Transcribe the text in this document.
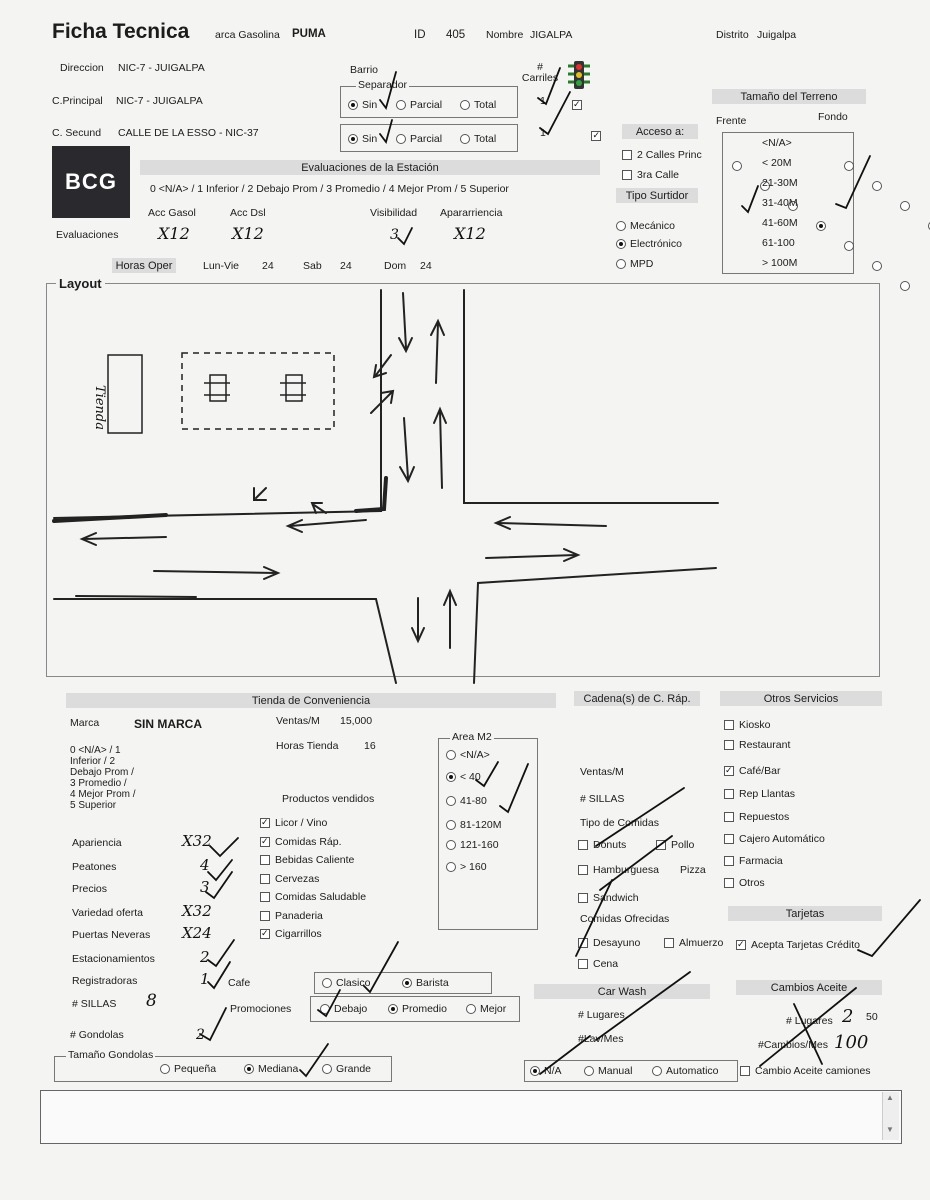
Ficha Tecnica arca Gasolina PUMA	ID 405 Nombre JIGALPA	Distrito Juigalpa
Direccion NIC-7 - JUIGALPA
C.Principal NIC-7 - JUIGALPA
C. Secund CALLE DE LA ESSO - NIC-37
Barrio
Separador
Sin	Parcial	Total
Sin	Parcial	Total
# Carriles
1
1
✓ ✓
Tamaño del Terreno
Frente	Fondo
<N/A>
< 20M
21-30M
31-40M
41-60M
61-100
> 100M
Acceso a:
2 Calles Princ
3ra Calle
Tipo Surtidor
Mecánico
Electrónico
MPD
BCG
Evaluaciones de la Estación
0 <N/A> / 1 Inferior / 2 Debajo Prom / 3 Promedio / 4 Mejor Prom / 5 Superior
Acc Gasol	Acc Dsl	Visibilidad Apararriencia
Evaluaciones X12	X12	3	X12
Horas Oper	Lun-Vie 24	Sab 24	Dom 24
Layout
Tienda
Tienda de Conveniencia
Marca	SIN MARCA	Ventas/M 15,000
Horas Tienda 16
0 <N/A> / 1
Inferior / 2
Debajo Prom /
3 Promedio /
4 Mejor Prom /
5 Superior
Apariencia	X32
Peatones	4
Precios	3
Variedad oferta	X32
Puertas Neveras X24
Estacionamientos	2
Registradoras	1
# SILLAS 8
# Gondolas	2
Productos vendidos
✓Licor / Vino
✓Comidas Ráp.
Bebidas Caliente
Cervezas
Comidas Saludable
Panaderia
✓Cigarrillos
Area M2
<N/A>
< 40
41-80
81-120M
121-160
> 160
Cafe	Clasico	Barista
Promociones	Debajo	Promedio	Mejor
Tamaño Gondolas
Pequeña	Mediana	Grande
Cadena(s) de C. Ráp.
Ventas/M
# SILLAS
Tipo de Comidas
Donuts	Pollo
Hamburguesa Pizza
Sandwich
Comidas Ofrecidas
Desayuno	Almuerzo
Cena
Car Wash
# Lugares
#Lav/Mes
N/A	Manual	Automatico
Otros Servicios
Kiosko
Restaurant
✓Café/Bar
Rep Llantas
Repuestos
Cajero Automático
Farmacia
Otros
Tarjetas
✓Acepta Tarjetas Crédito
Cambios Aceite
# Lugares 2 50
#Cambios/Mes 100
Cambio Aceite camiones
▲
▼
